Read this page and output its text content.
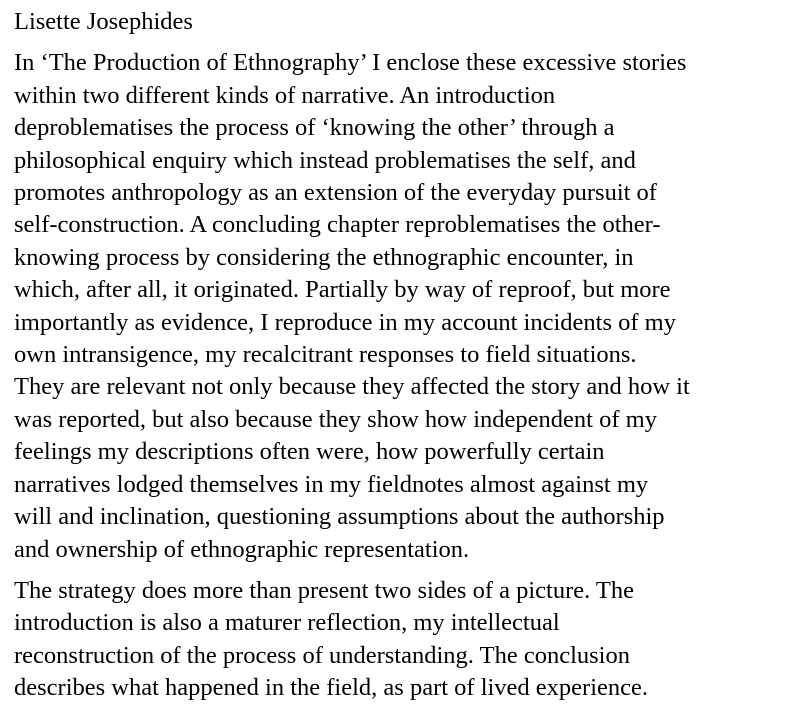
Lisette Josephides

In ‘The Production of Ethnography’ I enclose these excessive stories
within two different kinds of narrative. An introduction
deproblematises the process of ‘knowing the other’ through a
philosophical enquiry which instead problematises the self, and
promotes anthropology as an extension of the everyday pursuit of
self-construction. A concluding chapter reproblematises the other-
knowing process by considering the ethnographic encounter, in
which, after all, it originated. Partially by way of reproof, but more
importantly as evidence, I reproduce in my account incidents of my
own intransigence, my recalcitrant responses to field situations.
They are relevant not only because they affected the story and how it
was reported, but also because they show how independent of my
feelings my descriptions often were, how powerfully certain
narratives lodged themselves in my fieldnotes almost against my
will and inclination, questioning assumptions about the authorship
and ownership of ethnographic representation.

The strategy does more than present two sides of a picture. The
introduction is also a maturer reflection, my intellectual
reconstruction of the process of understanding. The conclusion
describes what happened in the field, as part of lived experience.
